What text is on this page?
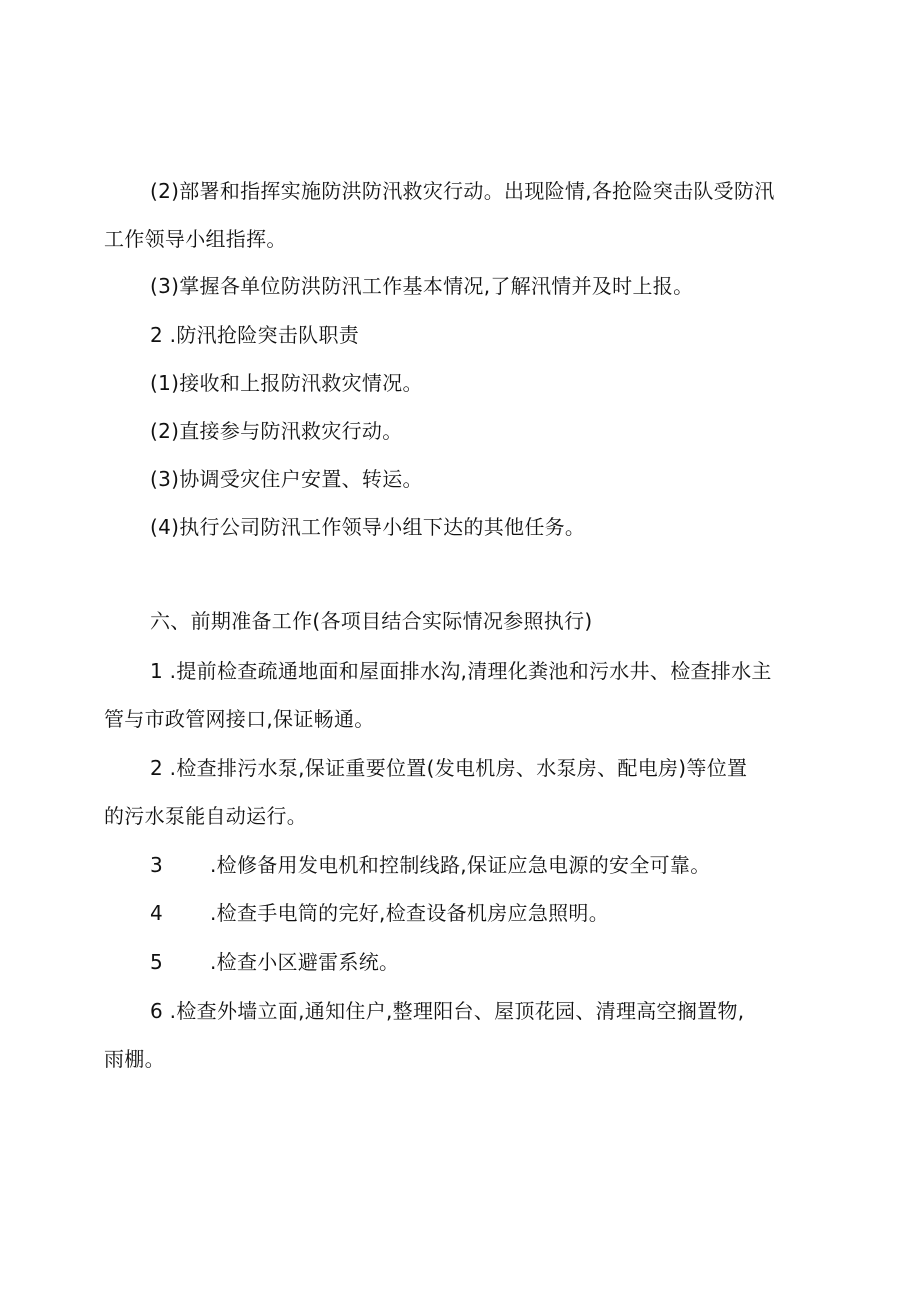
(2)部署和指挥实施防洪防汛救灾行动。出现险情,各抢险突击队受防汛
工作领导小组指挥。
(3)掌握各单位防洪防汛工作基本情况,了解汛情并及时上报。
2 .防汛抢险突击队职责
(1)接收和上报防汛救灾情况。
(2)直接参与防汛救灾行动。
(3)协调受灾住户安置、转运。
(4)执行公司防汛工作领导小组下达的其他任务。
六、前期准备工作(各项目结合实际情况参照执行)
1 .提前检查疏通地面和屋面排水沟,清理化粪池和污水井、检查排水主
管与市政管网接口,保证畅通。
2 .检查排污水泵,保证重要位置(发电机房、水泵房、配电房)等位置
的污水泵能自动运行。
3 .检修备用发电机和控制线路,保证应急电源的安全可靠。
4 .检查手电筒的完好,检查设备机房应急照明。
5 .检查小区避雷系统。
6 .检查外墙立面,通知住户,整理阳台、屋顶花园、清理高空搁置物,
雨棚。
